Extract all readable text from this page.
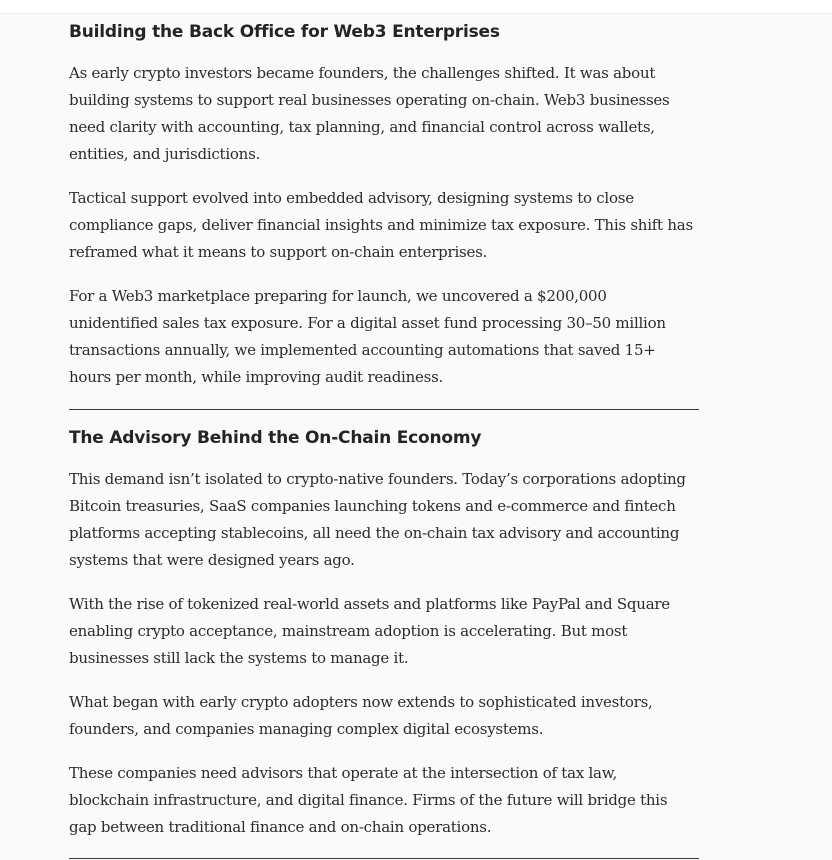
Building the Back Office for Web3 Enterprises

As early crypto investors became founders, the challenges shifted. It was about building systems to support real businesses operating on-chain. Web3 businesses need clarity with accounting, tax planning, and financial control across wallets, entities, and jurisdictions.

Tactical support evolved into embedded advisory, designing systems to close compliance gaps, deliver financial insights and minimize tax exposure. This shift has reframed what it means to support on-chain enterprises.

For a Web3 marketplace preparing for launch, we uncovered a $200,000 unidentified sales tax exposure. For a digital asset fund processing 30–50 million transactions annually, we implemented accounting automations that saved 15+ hours per month, while improving audit readiness.

The Advisory Behind the On-Chain Economy

This demand isn’t isolated to crypto-native founders. Today’s corporations adopting Bitcoin treasuries, SaaS companies launching tokens and e-commerce and fintech platforms accepting stablecoins, all need the on-chain tax advisory and accounting systems that were designed years ago.

With the rise of tokenized real-world assets and platforms like PayPal and Square enabling crypto acceptance, mainstream adoption is accelerating. But most businesses still lack the systems to manage it.

What began with early crypto adopters now extends to sophisticated investors, founders, and companies managing complex digital ecosystems.

These companies need advisors that operate at the intersection of tax law, blockchain infrastructure, and digital finance. Firms of the future will bridge this gap between traditional finance and on-chain operations.
